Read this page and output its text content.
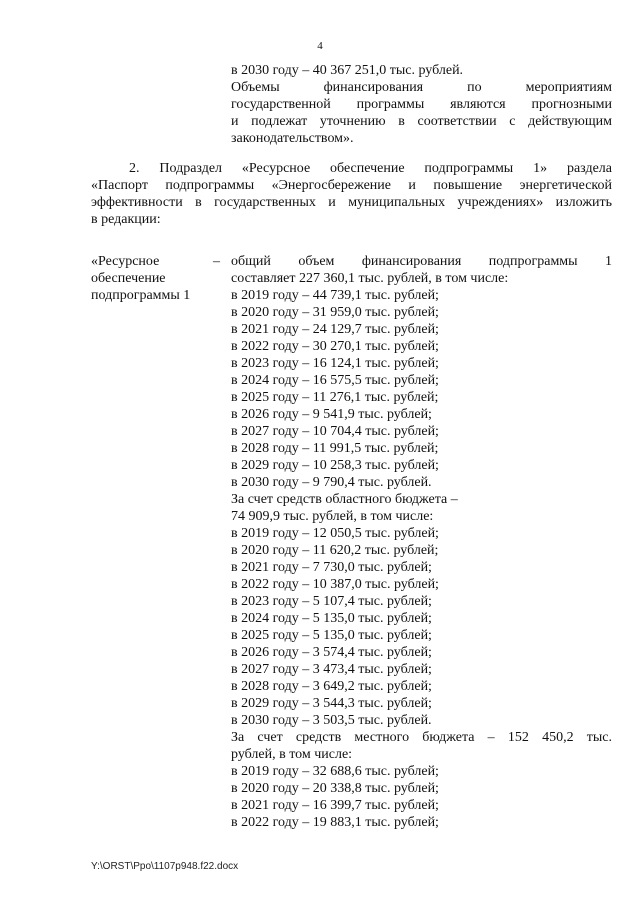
4
в 2030 году – 40 367 251,0 тыс. рублей.
Объемы финансирования по мероприятиям
государственной программы являются прогнозными
и подлежат уточнению в соответствии с действующим
законодательством».
2. Подраздел «Ресурсное обеспечение подпрограммы 1» раздела
«Паспорт подпрограммы «Энергосбережение и повышение энергетической
эффективности в государственных и муниципальных учреждениях» изложить
в редакции:
«Ресурсное
обеспечение
подпрограммы 1
– общий объем финансирования подпрограммы 1
составляет 227 360,1 тыс. рублей, в том числе:
в 2019 году – 44 739,1 тыс. рублей;
в 2020 году – 31 959,0 тыс. рублей;
в 2021 году – 24 129,7 тыс. рублей;
в 2022 году – 30 270,1 тыс. рублей;
в 2023 году – 16 124,1 тыс. рублей;
в 2024 году – 16 575,5 тыс. рублей;
в 2025 году – 11 276,1 тыс. рублей;
в 2026 году – 9 541,9 тыс. рублей;
в 2027 году – 10 704,4 тыс. рублей;
в 2028 году – 11 991,5 тыс. рублей;
в 2029 году – 10 258,3 тыс. рублей;
в 2030 году – 9 790,4 тыс. рублей.
За счет средств областного бюджета –
74 909,9 тыс. рублей, в том числе:
в 2019 году – 12 050,5 тыс. рублей;
в 2020 году – 11 620,2 тыс. рублей;
в 2021 году – 7 730,0 тыс. рублей;
в 2022 году – 10 387,0 тыс. рублей;
в 2023 году – 5 107,4 тыс. рублей;
в 2024 году – 5 135,0 тыс. рублей;
в 2025 году – 5 135,0 тыс. рублей;
в 2026 году – 3 574,4 тыс. рублей;
в 2027 году – 3 473,4 тыс. рублей;
в 2028 году – 3 649,2 тыс. рублей;
в 2029 году – 3 544,3 тыс. рублей;
в 2030 году – 3 503,5 тыс. рублей.
За счет средств местного бюджета – 152 450,2 тыс.
рублей, в том числе:
в 2019 году – 32 688,6 тыс. рублей;
в 2020 году – 20 338,8 тыс. рублей;
в 2021 году – 16 399,7 тыс. рублей;
в 2022 году – 19 883,1 тыс. рублей;
Y:\ORST\Ppo\1107p948.f22.docx
